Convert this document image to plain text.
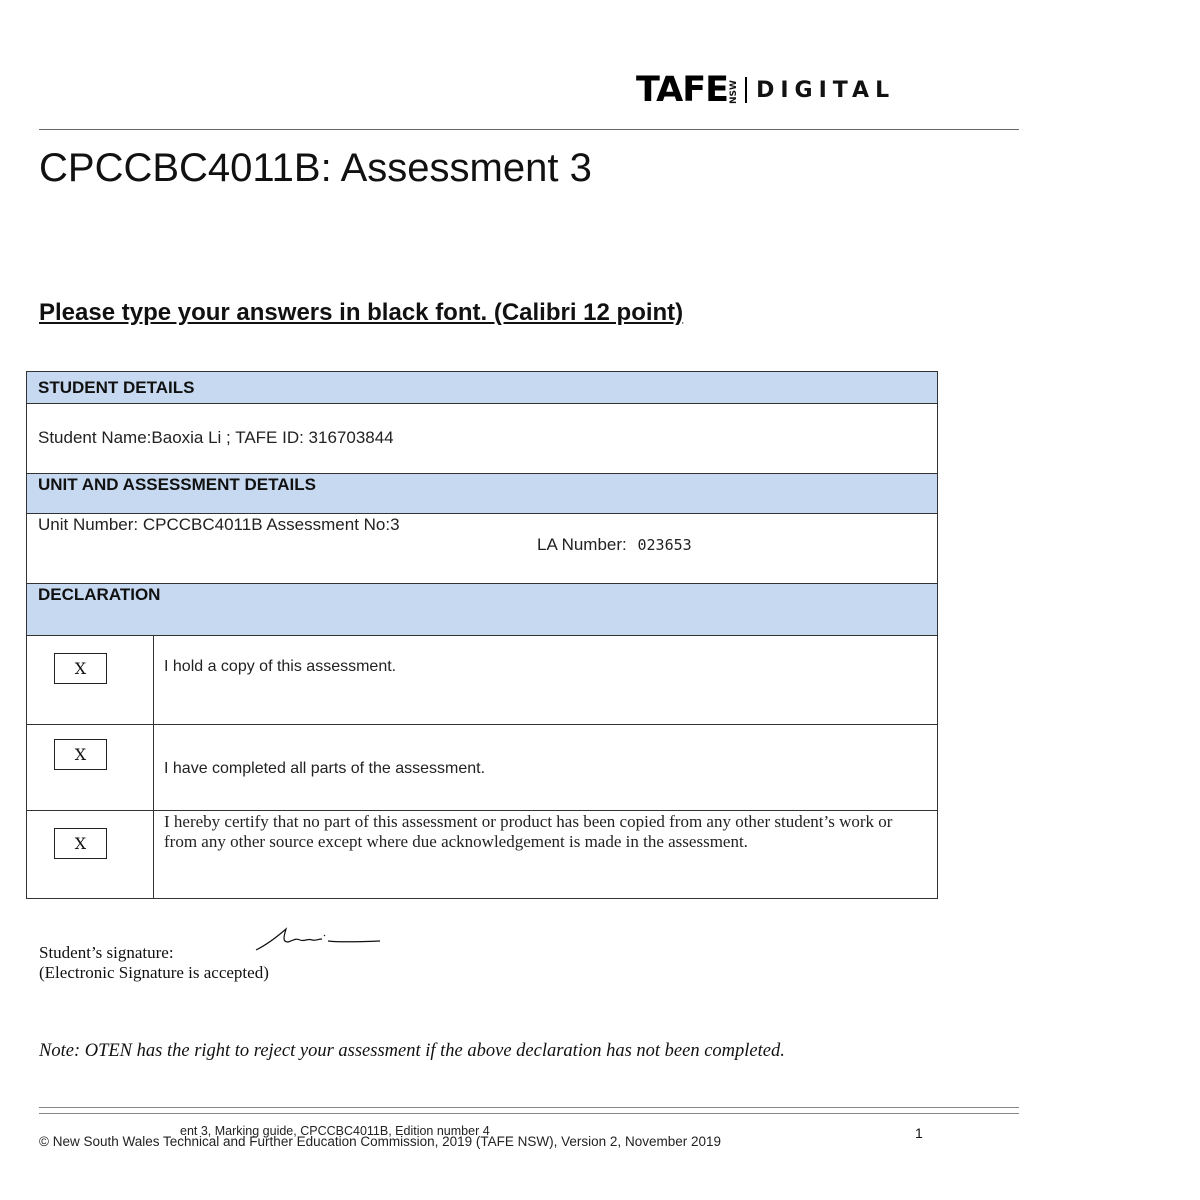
TAFE NSW DIGITAL
CPCCBC4011B: Assessment 3
Please type your answers in black font. (Calibri 12 point)
STUDENT DETAILS
Student Name:Baoxia Li ; TAFE ID: 316703844
UNIT AND ASSESSMENT DETAILS
Unit Number: CPCCBC4011B Assessment No:3
LA Number: 023653
DECLARATION
X	I hold a copy of this assessment.
X
I have completed all parts of the assessment.
X
I hereby certify that no part of this assessment or product has been copied from any other student’s work or from any other source except where due acknowledgement is made in the assessment.
Student’s signature:
(Electronic Signature is accepted)
Note: OTEN has the right to reject your assessment if the above declaration has not been completed.
ent 3, Marking guide, CPCCBC4011B, Edition number 4
© New South Wales Technical and Further Education Commission, 2019 (TAFE NSW), Version 2, November 2019
1
